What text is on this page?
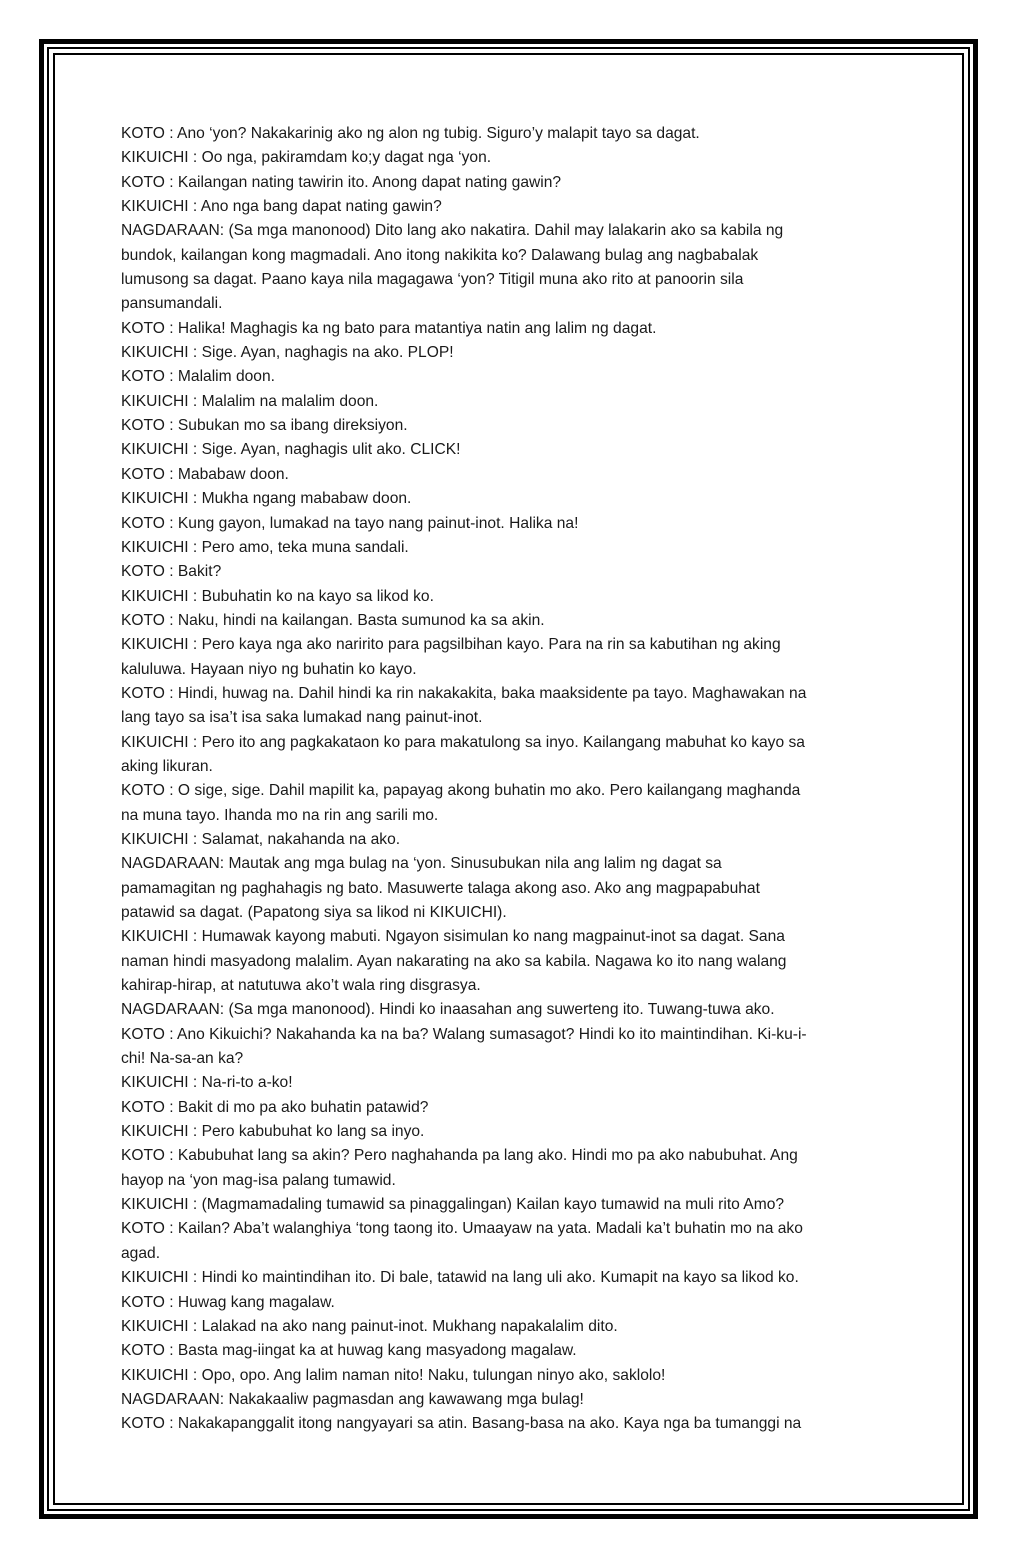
KOTO : Ano ‘yon? Nakakarinig ako ng alon ng tubig. Siguro’y malapit tayo sa dagat.

KIKUICHI : Oo nga, pakiramdam ko;y dagat nga ‘yon.

KOTO : Kailangan nating tawirin ito. Anong dapat nating gawin?

KIKUICHI : Ano nga bang dapat nating gawin?

NAGDARAAN: (Sa mga manonood) Dito lang ako nakatira. Dahil may lalakarin ako sa kabila ng

bundok, kailangan kong magmadali. Ano itong nakikita ko? Dalawang bulag ang nagbabalak

lumusong sa dagat. Paano kaya nila magagawa ‘yon? Titigil muna ako rito at panoorin sila

pansumandali.

KOTO : Halika! Maghagis ka ng bato para matantiya natin ang lalim ng dagat.

KIKUICHI : Sige. Ayan, naghagis na ako. PLOP!

KOTO : Malalim doon.

KIKUICHI : Malalim na malalim doon.

KOTO : Subukan mo sa ibang direksiyon.

KIKUICHI : Sige. Ayan, naghagis ulit ako. CLICK!

KOTO : Mababaw doon.

KIKUICHI : Mukha ngang mababaw doon.

KOTO : Kung gayon, lumakad na tayo nang painut-inot. Halika na!

KIKUICHI : Pero amo, teka muna sandali.

KOTO : Bakit?

KIKUICHI : Bubuhatin ko na kayo sa likod ko.

KOTO : Naku, hindi na kailangan. Basta sumunod ka sa akin.

KIKUICHI : Pero kaya nga ako naririto para pagsilbihan kayo. Para na rin sa kabutihan ng aking

kaluluwa. Hayaan niyo ng buhatin ko kayo.

KOTO : Hindi, huwag na. Dahil hindi ka rin nakakakita, baka maaksidente pa tayo. Maghawakan na

lang tayo sa isa’t isa saka lumakad nang painut-inot.

KIKUICHI : Pero ito ang pagkakataon ko para makatulong sa inyo. Kailangang mabuhat ko kayo sa

aking likuran.

KOTO : O sige, sige. Dahil mapilit ka, papayag akong buhatin mo ako. Pero kailangang maghanda

na muna tayo. Ihanda mo na rin ang sarili mo.

KIKUICHI : Salamat, nakahanda na ako.

NAGDARAAN: Mautak ang mga bulag na ‘yon. Sinusubukan nila ang lalim ng dagat sa

pamamagitan ng paghahagis ng bato. Masuwerte talaga akong aso. Ako ang magpapabuhat

patawid sa dagat. (Papatong siya sa likod ni KIKUICHI).

KIKUICHI : Humawak kayong mabuti. Ngayon sisimulan ko nang magpainut-inot sa dagat. Sana

naman hindi masyadong malalim. Ayan nakarating na ako sa kabila. Nagawa ko ito nang walang

kahirap-hirap, at natutuwa ako’t wala ring disgrasya.

NAGDARAAN: (Sa mga manonood). Hindi ko inaasahan ang suwerteng ito. Tuwang-tuwa ako.

KOTO : Ano Kikuichi? Nakahanda ka na ba? Walang sumasagot? Hindi ko ito maintindihan. Ki-ku-i-

chi! Na-sa-an ka?

KIKUICHI : Na-ri-to a-ko!

KOTO : Bakit di mo pa ako buhatin patawid?

KIKUICHI : Pero kabubuhat ko lang sa inyo.

KOTO : Kabubuhat lang sa akin? Pero naghahanda pa lang ako. Hindi mo pa ako nabubuhat. Ang

hayop na ‘yon mag-isa palang tumawid.

KIKUICHI : (Magmamadaling tumawid sa pinaggalingan) Kailan kayo tumawid na muli rito Amo?

KOTO : Kailan? Aba’t walanghiya ‘tong taong ito. Umaayaw na yata. Madali ka’t buhatin mo na ako

agad.

KIKUICHI : Hindi ko maintindihan ito. Di bale, tatawid na lang uli ako. Kumapit na kayo sa likod ko.

KOTO : Huwag kang magalaw.

KIKUICHI : Lalakad na ako nang painut-inot. Mukhang napakalalim dito.

KOTO : Basta mag-iingat ka at huwag kang masyadong magalaw.

KIKUICHI : Opo, opo. Ang lalim naman nito! Naku, tulungan ninyo ako, saklolo!

NAGDARAAN: Nakakaaliw pagmasdan ang kawawang mga bulag!

KOTO : Nakakapanggalit itong nangyayari sa atin. Basang-basa na ako. Kaya nga ba tumanggi na
